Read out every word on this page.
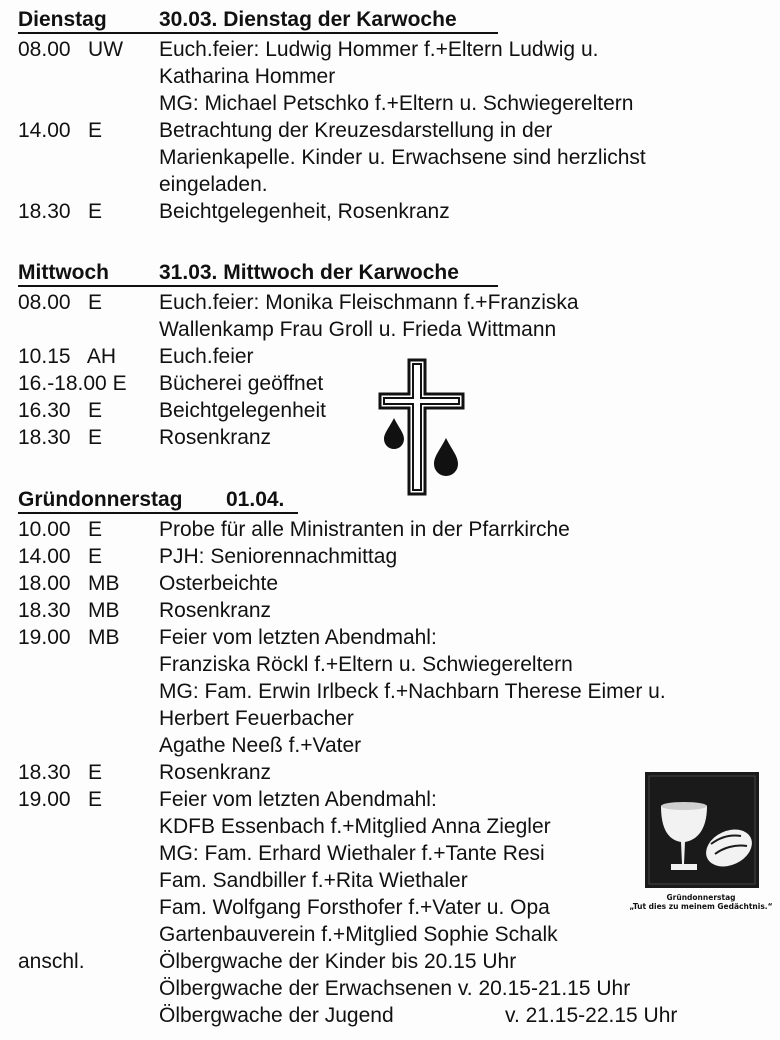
Dienstag 30.03. Dienstag der Karwoche
08.00   UW Euch.feier: Ludwig Hommer f.+Eltern Ludwig u.
Katharina Hommer
MG: Michael Petschko f.+Eltern u. Schwiegereltern
14.00   E	Betrachtung der Kreuzesdarstellung in der
Marienkapelle. Kinder u. Erwachsene sind herzlichst
eingeladen.
18.30   E	Beichtgelegenheit, Rosenkranz
Mittwoch 31.03. Mittwoch der Karwoche
08.00   E	Euch.feier: Monika Fleischmann f.+Franziska
Wallenkamp Frau Groll u. Frieda Wittmann
10.15   AH Euch.feier
16.-18.00 E Bücherei geöffnet
16.30   E	Beichtgelegenheit
18.30   E	Rosenkranz
Gründonnerstag 01.04.
10.00   E	Probe für alle Ministranten in der Pfarrkirche
14.00   E	PJH: Seniorennachmittag
18.00   MB Osterbeichte
18.30   MB Rosenkranz
19.00   MB Feier vom letzten Abendmahl:
Franziska Röckl f.+Eltern u. Schwiegereltern
MG: Fam. Erwin Irlbeck f.+Nachbarn Therese Eimer u.
Herbert Feuerbacher
Agathe Neeß f.+Vater
18.30   E	Rosenkranz
19.00   E	Feier vom letzten Abendmahl:
KDFB Essenbach f.+Mitglied Anna Ziegler
MG: Fam. Erhard Wiethaler f.+Tante Resi
Fam. Sandbiller f.+Rita Wiethaler
Fam. Wolfgang Forsthofer f.+Vater u. Opa
Gartenbauverein f.+Mitglied Sophie Schalk
anschl.	Ölbergwache der Kinder bis 20.15 Uhr
Ölbergwache der Erwachsenen v. 20.15-21.15 Uhr
Ölbergwache der Jugend	v. 21.15-22.15 Uhr
Gründonnerstag
„Tut dies zu meinem Gedächtnis.“
